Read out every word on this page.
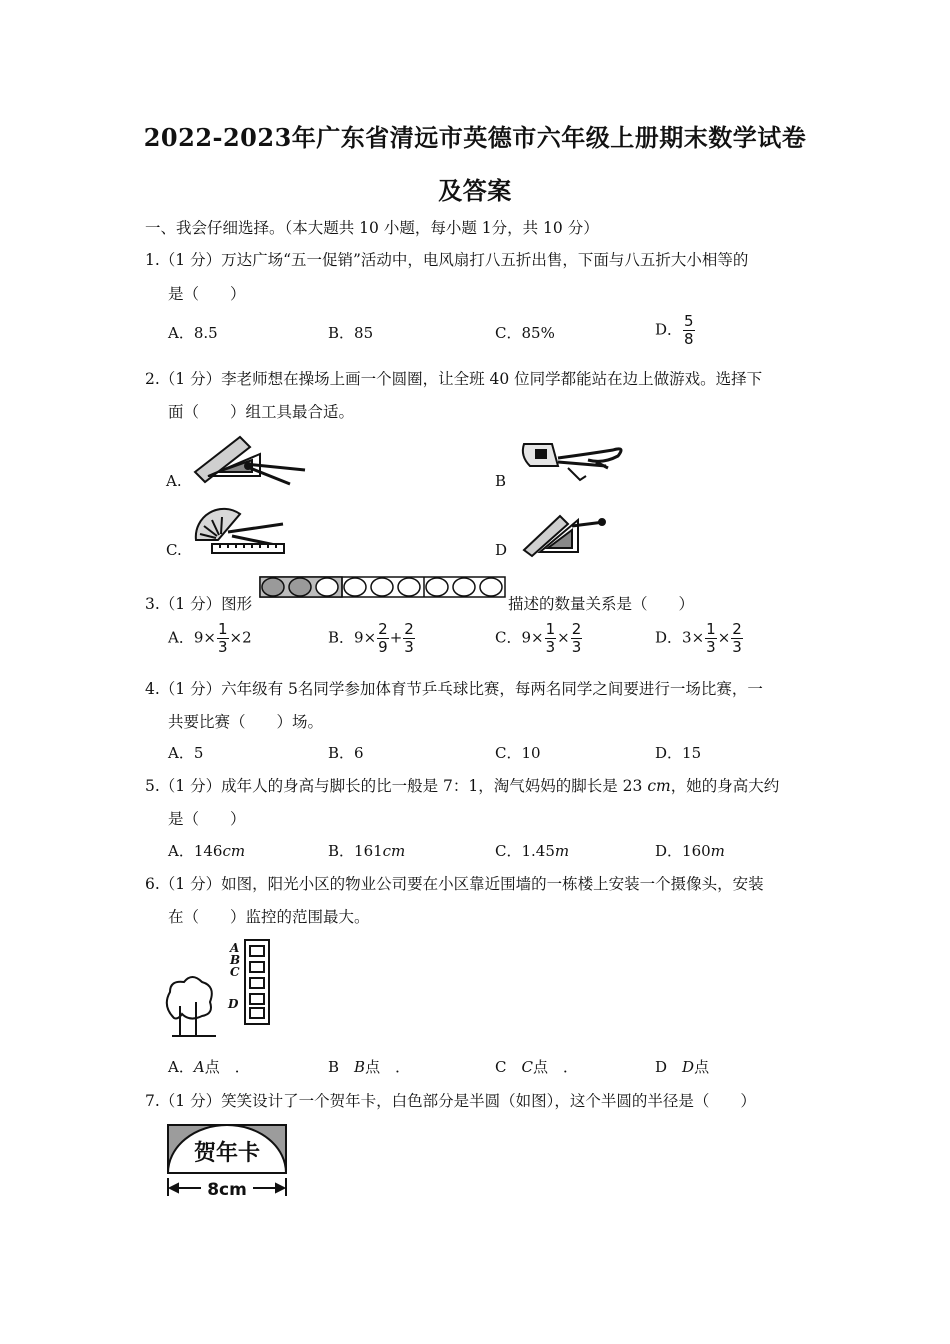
2022-2023年广东省清远市英德市六年级上册期末数学试卷
及答案
一、我会仔细选择。（本大题共 10 小题，每小题 1分，共 10 分）
1.（1 分）万达广场“五一促销”活动中，电风扇打八五折出售，下面与八五折大小相等的
是（　　）
A．8.5	B．85	C．85%	D． $\frac{5}{8}$
2.（1 分）李老师想在操场上画一个圆圈，让全班 40 位同学都能站在边上做游戏。选择下
面（　　）组工具最合适。
A.	B
C.	D
3.（1 分）图形	描述的数量关系是（　　）
A．$9\times \frac{1}{3} \times 2$	B．$9\times \frac{2}{9} + \frac{2}{3}$	C．$9\times \frac{1}{3} \times \frac{2}{3}$	D．$3\times \frac{1}{3} \times \frac{2}{3}$
4.（1 分）六年级有 5名同学参加体育节乒乓球比赛，每两名同学之间要进行一场比赛，一
共要比赛（　　）场。
A．5	B．6	C．10	D．15
5.（1 分）成年人的身高与脚长的比一般是 7：1，淘气妈妈的脚长是 23 cm，她的身高大约
是（　　）
A．146cm	B．161cm	C．1.45m	D．160m
6.（1 分）如图，阳光小区的物业公司要在小区靠近围墙的一栋楼上安装一个摄像头，安装
在（　　）监控的范围最大。
A
B
C
D
A．A点　．	B　B点　．	C　C点　．	D　D点
7.（1 分）笑笑设计了一个贺年卡，白色部分是半圆（如图），这个半圆的半径是（　　）
贺年卡
8cm
